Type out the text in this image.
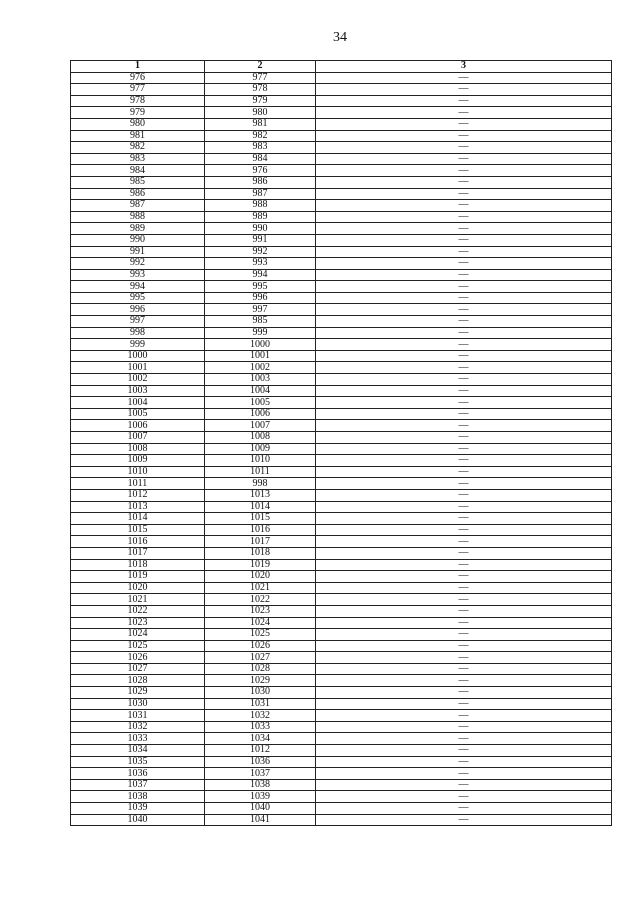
34
1	2	3
976	977	—
977	978	—
978	979	—
979	980	—
980	981	—
981	982	—
982	983	—
983	984	—
984	976	—
985	986	—
986	987	—
987	988	—
988	989	—
989	990	—
990	991	—
991	992	—
992	993	—
993	994	—
994	995	—
995	996	—
996	997	—
997	985	—
998	999	—
999	1000	—
1000	1001	—
1001	1002	—
1002	1003	—
1003	1004	—
1004	1005	—
1005	1006	—
1006	1007	—
1007	1008	—
1008	1009	—
1009	1010	—
1010	1011	—
1011	998	—
1012	1013	—
1013	1014	—
1014	1015	—
1015	1016	—
1016	1017	—
1017	1018	—
1018	1019	—
1019	1020	—
1020	1021	—
1021	1022	—
1022	1023	—
1023	1024	—
1024	1025	—
1025	1026	—
1026	1027	—
1027	1028	—
1028	1029	—
1029	1030	—
1030	1031	—
1031	1032	—
1032	1033	—
1033	1034	—
1034	1012	—
1035	1036	—
1036	1037	—
1037	1038	—
1038	1039	—
1039	1040	—
1040	1041	—
